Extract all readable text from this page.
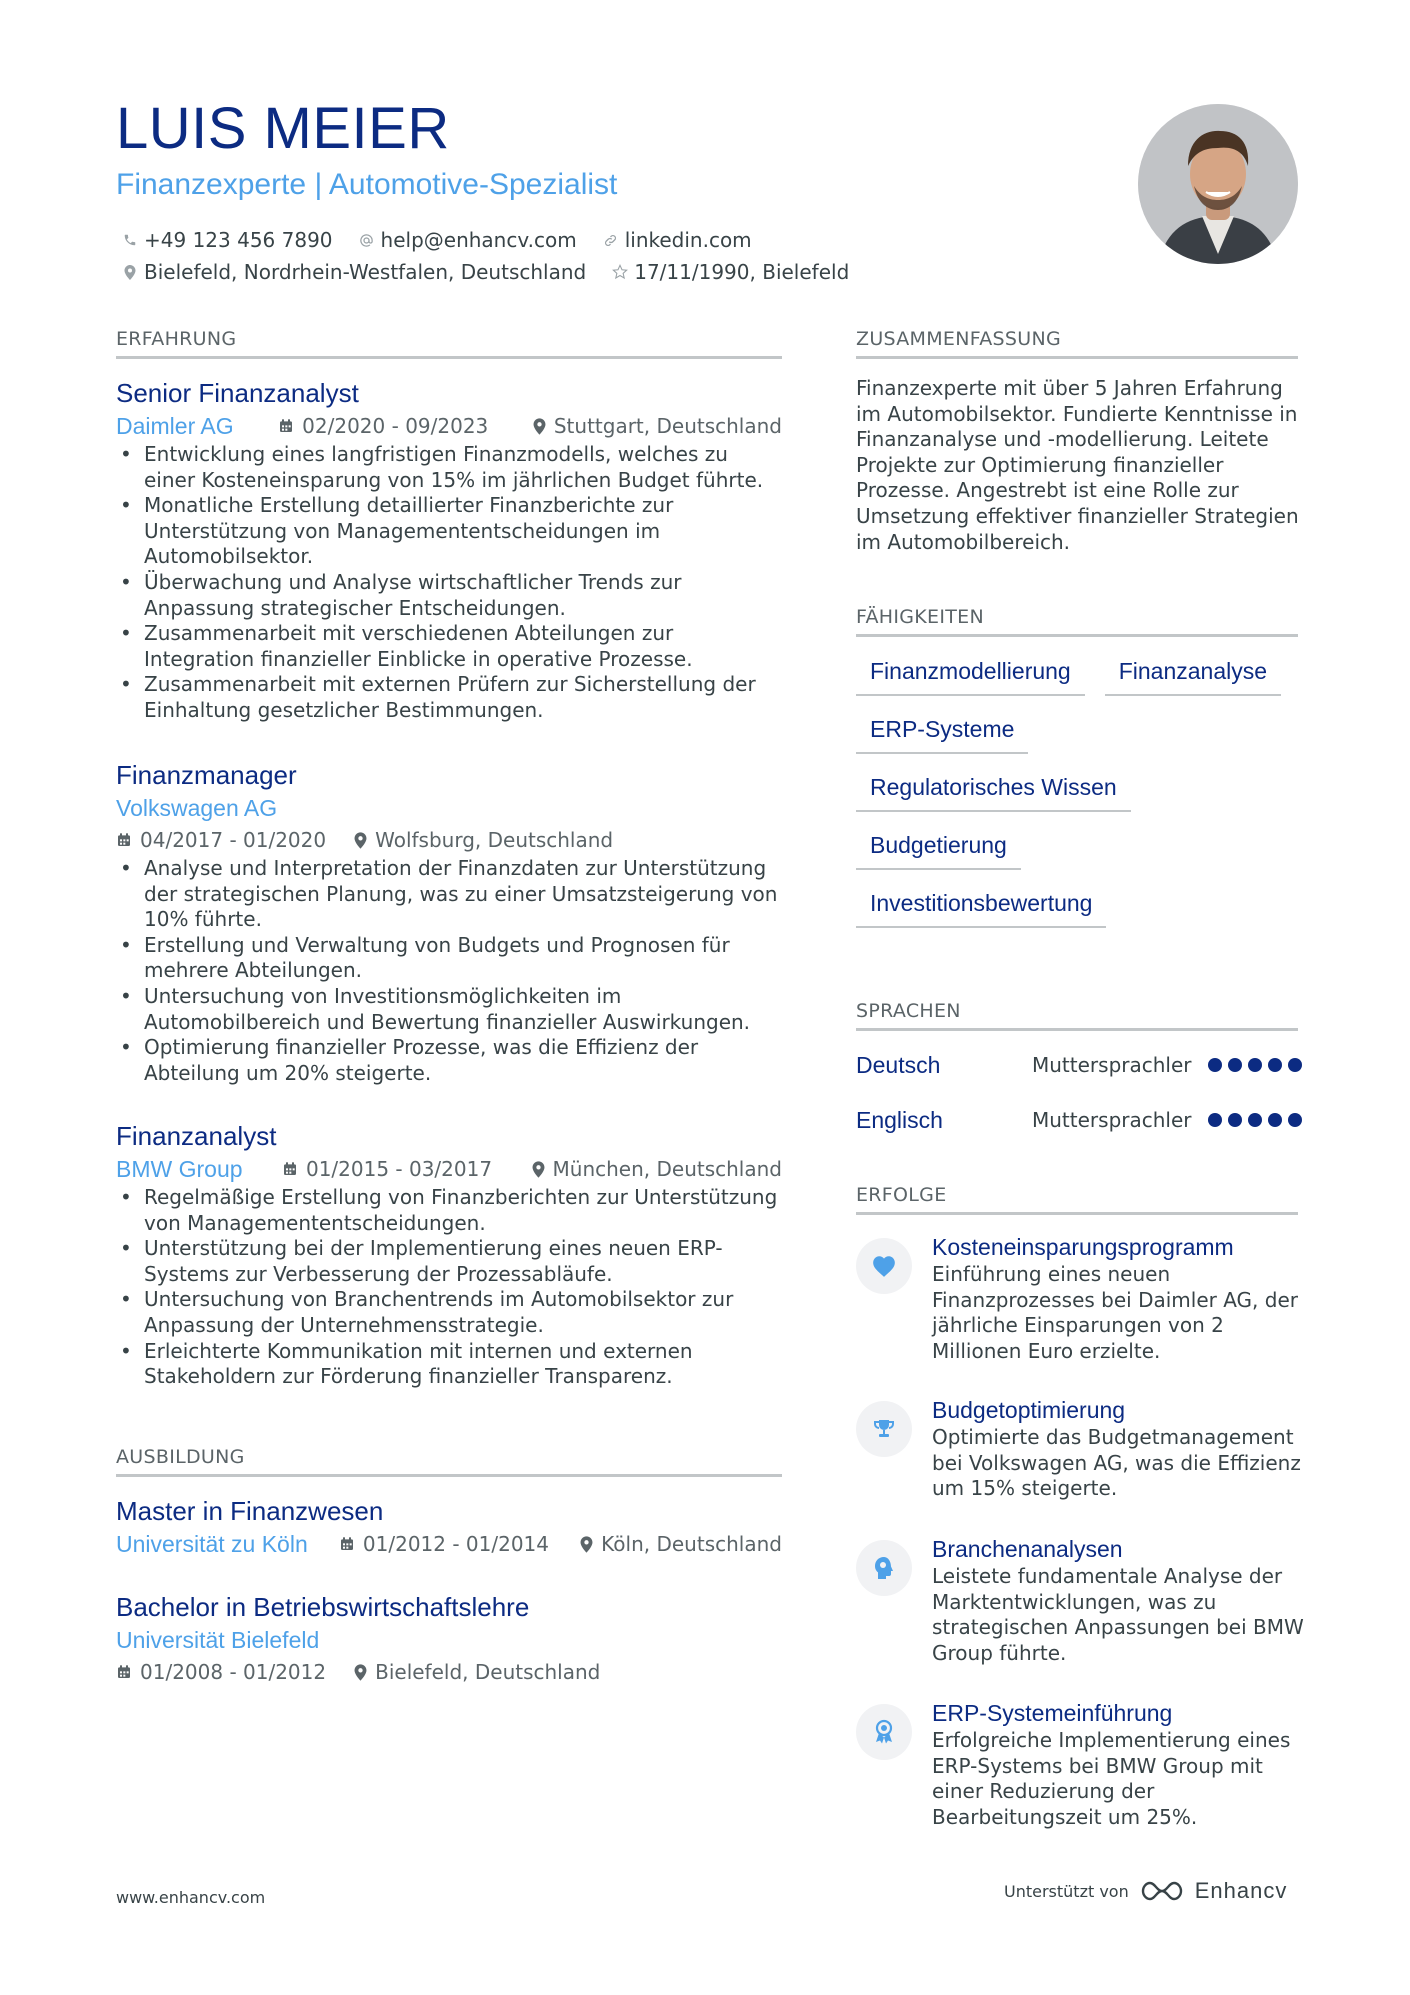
LUIS MEIER
Finanzexperte | Automotive-Spezialist
+49 123 456 7890 help@enhancv.com linkedin.com
Bielefeld, Nordrhein-Westfalen, Deutschland 17/11/1990, Bielefeld
ERFAHRUNG
Senior Finanzanalyst
Daimler AG	02/2020 - 09/2023	Stuttgart, Deutschland
• Entwicklung eines langfristigen Finanzmodells, welches zu einer Kosteneinsparung von 15% im jährlichen Budget führte.
• Monatliche Erstellung detaillierter Finanzberichte zur Unterstützung von Managemententscheidungen im Automobilsektor.
• Überwachung und Analyse wirtschaftlicher Trends zur Anpassung strategischer Entscheidungen.
• Zusammenarbeit mit verschiedenen Abteilungen zur Integration finanzieller Einblicke in operative Prozesse.
• Zusammenarbeit mit externen Prüfern zur Sicherstellung der Einhaltung gesetzlicher Bestimmungen.
Finanzmanager
Volkswagen AG
04/2017 - 01/2020 Wolfsburg, Deutschland
• Analyse und Interpretation der Finanzdaten zur Unterstützung der strategischen Planung, was zu einer Umsatzsteigerung von 10% führte.
• Erstellung und Verwaltung von Budgets und Prognosen für mehrere Abteilungen.
• Untersuchung von Investitionsmöglichkeiten im Automobilbereich und Bewertung finanzieller Auswirkungen.
• Optimierung finanzieller Prozesse, was die Effizienz der Abteilung um 20% steigerte.
Finanzanalyst
BMW Group	01/2015 - 03/2017	München, Deutschland
• Regelmäßige Erstellung von Finanzberichten zur Unterstützung von Managemententscheidungen.
• Unterstützung bei der Implementierung eines neuen ERP-Systems zur Verbesserung der Prozessabläufe.
• Untersuchung von Branchentrends im Automobilsektor zur Anpassung der Unternehmensstrategie.
• Erleichterte Kommunikation mit internen und externen Stakeholdern zur Förderung finanzieller Transparenz.
AUSBILDUNG
Master in Finanzwesen
Universität zu Köln	01/2012 - 01/2014	Köln, Deutschland
Bachelor in Betriebswirtschaftslehre
Universität Bielefeld
01/2008 - 01/2012 Bielefeld, Deutschland
ZUSAMMENFASSUNG
Finanzexperte mit über 5 Jahren Erfahrung im Automobilsektor. Fundierte Kenntnisse in Finanzanalyse und -modellierung. Leitete Projekte zur Optimierung finanzieller Prozesse. Angestrebt ist eine Rolle zur Umsetzung effektiver finanzieller Strategien im Automobilbereich.
FÄHIGKEITEN
Finanzmodellierung	Finanzanalyse
ERP-Systeme
Regulatorisches Wissen
Budgetierung
Investitionsbewertung
SPRACHEN
Deutsch	Muttersprachler
Englisch	Muttersprachler
ERFOLGE
Kosteneinsparungsprogramm
Einführung eines neuen Finanzprozesses bei Daimler AG, der jährliche Einsparungen von 2 Millionen Euro erzielte.
Budgetoptimierung
Optimierte das Budgetmanagement bei Volkswagen AG, was die Effizienz um 15% steigerte.
Branchenanalysen
Leistete fundamentale Analyse der Marktentwicklungen, was zu strategischen Anpassungen bei BMW Group führte.
ERP-Systemeinführung
Erfolgreiche Implementierung eines ERP-Systems bei BMW Group mit einer Reduzierung der Bearbeitungszeit um 25%.
www.enhancv.com	Unterstützt von	Enhancv
